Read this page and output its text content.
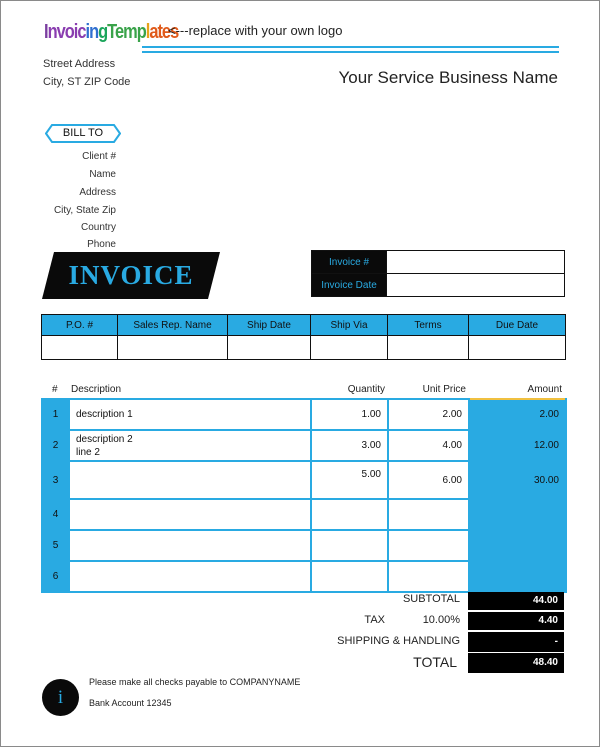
InvoicingTemplates
<---replace with your own logo
Street Address
City, ST ZIP Code	Your Service Business Name
BILL TO
Client #
Name
Address
City, State Zip
Country
Phone
INVOICE	Invoice #	
Invoice Date	
P.O. #	Sales Rep. Name	Ship Date	Ship Via	Terms	Due Date

# Description	Quantity	Unit Price	Amount
1	description 1	1.00	2.00	2.00
2	description 2
line 2	3.00	4.00	12.00
3		5.00	6.00	30.00
4				
5				
6				
SUBTOTAL	44.00
TAX	10.00%	4.40
SHIPPING & HANDLING	-
TOTAL	48.40
i
Please make all checks payable to COMPANYNAME
Bank Account 12345
